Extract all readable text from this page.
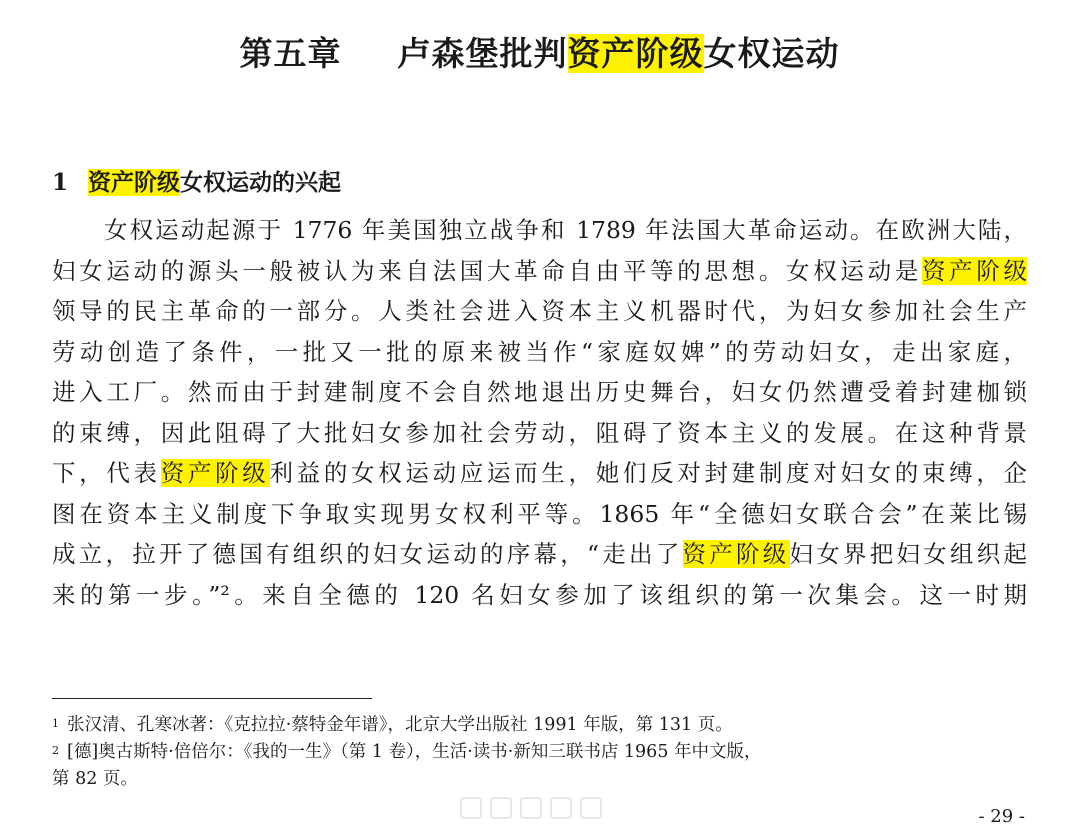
第五章 卢森堡批判资产阶级女权运动
1 资产阶级女权运动的兴起
女权运动起源于 1776 年美国独立战争和 1789 年法国大革命运动。在欧洲大陆，
妇女运动的源头一般被认为来自法国大革命自由平等的思想。女权运动是资产阶级
领导的民主革命的一部分。人类社会进入资本主义机器时代，为妇女参加社会生产
劳动创造了条件，一批又一批的原来被当作“家庭奴婢”的劳动妇女，走出家庭，
进入工厂。然而由于封建制度不会自然地退出历史舞台，妇女仍然遭受着封建枷锁
的束缚，因此阻碍了大批妇女参加社会劳动，阻碍了资本主义的发展。在这种背景
下，代表资产阶级利益的女权运动应运而生，她们反对封建制度对妇女的束缚，企
图在资本主义制度下争取实现男女权利平等。1865 年“全德妇女联合会”在莱比锡
成立，拉开了德国有组织的妇女运动的序幕，“走出了资产阶级妇女界把妇女组织起
来的第一步。”²。来自全德的 120 名妇女参加了该组织的第一次集会。这一时期
$^1$ 张汉清、孔寒冰著：《克拉拉·蔡特金年谱》，北京大学出版社 1991 年版，第 131 页。
$^2$ [德]奥古斯特·倍倍尔：《我的一生》（第 1 卷），生活·读书·新知三联书店 1965 年中文版，
第 82 页。
- 29 -
